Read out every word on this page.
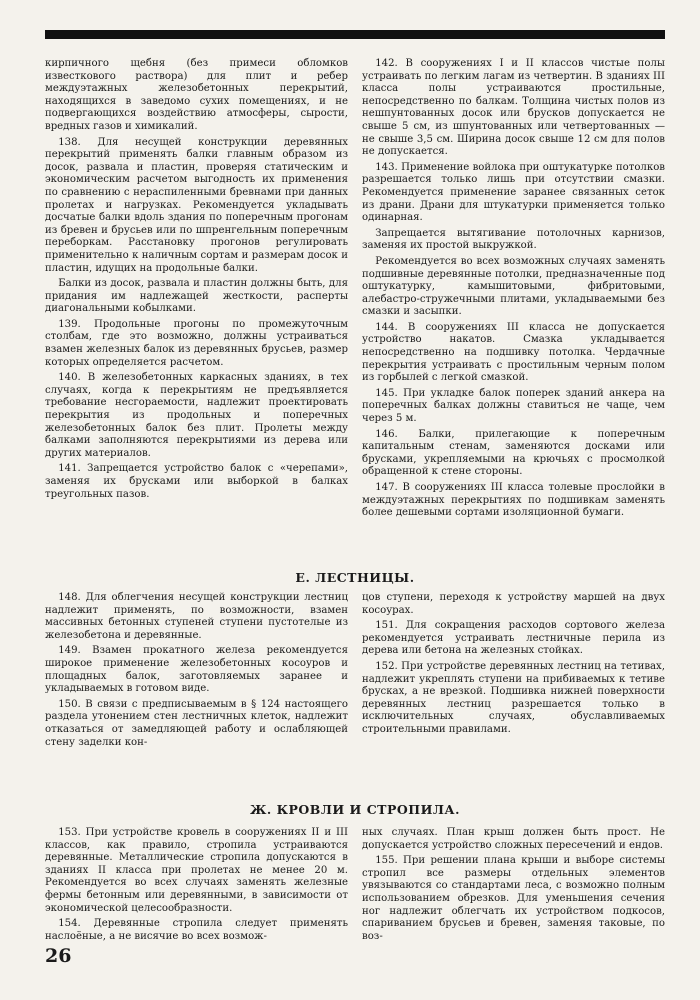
кирпичного щебня (без примеси обломков известкового раствора) для плит и ребер междуэтажных железобетонных перекрытий, находящихся в заведомо сухих помещениях, и не подвергающихся воздействию атмосферы, сырости, вредных газов и химикалий.

138. Для несущей конструкции деревянных перекрытий применять балки главным образом из досок, развала и пластин, проверяя статическим и экономическим расчетом выгодность их применения по сравнению с нераспиленными бревнами при данных пролетах и нагрузках. Рекомендуется укладывать досчатые балки вдоль здания по поперечным прогонам из бревен и брусьев или по шпренгельным поперечным переборкам. Расстановку прогонов регулировать применительно к наличным сортам и размерам досок и пластин, идущих на продольные балки.

Балки из досок, развала и пластин должны быть, для придания им надлежащей жесткости, расперты диагональными кобылками.

139. Продольные прогоны по промежуточным столбам, где это возможно, должны устраиваться взамен железных балок из деревянных брусьев, размер которых определяется расчетом.

140. В железобетонных каркасных зданиях, в тех случаях, когда к перекрытиям не предъявляется требование несгораемости, надлежит проектировать перекрытия из продольных и поперечных железобетонных балок без плит. Пролеты между балками заполняются перекрытиями из дерева или других материалов.

141. Запрещается устройство балок с «черепами», заменяя их брусками или выборкой в балках треугольных пазов.

142. В сооружениях I и II классов чистые полы устраивать по легким лагам из четвертин. В зданиях III класса полы устраиваются простильные, непосредственно по балкам. Толщина чистых полов из нешпунтованных досок или брусков допускается не свыше 5 см, из шпунтованных или четвертованных — не свыше 3,5 см. Ширина досок свыше 12 см для полов не допускается.

143. Применение войлока при оштукатурке потолков разрешается только лишь при отсутствии смазки. Рекомендуется применение заранее связанных сеток из драни. Драни для штукатурки применяется только одинарная.

Запрещается вытягивание потолочных карнизов, заменяя их простой выкружкой.

Рекомендуется во всех возможных случаях заменять подшивные деревянные потолки, предназначенные под оштукатурку, камышитовыми, фибритовыми, алебастро-стружечными плитами, укладываемыми без смазки и засыпки.

144. В сооружениях III класса не допускается устройство накатов. Смазка укладывается непосредственно на подшивку потолка. Чердачные перекрытия устраивать с простильным черным полом из горбылей с легкой смазкой.

145. При укладке балок поперек зданий анкера на поперечных балках должны ставиться не чаще, чем через 5 м.

146. Балки, прилегающие к поперечным капитальным стенам, заменяются досками или брусками, укрепляемыми на крючьях с просмолкой обращенной к стене стороны.

147. В сооружениях III класса толевые прослойки в междуэтажных перекрытиях по подшивкам заменять более дешевыми сортами изоляционной бумаги.

Е. ЛЕСТНИЦЫ.

148. Для облегчения несущей конструкции лестниц надлежит применять, по возможности, взамен массивных бетонных ступеней ступени пустотелые из железобетона и деревянные.

149. Взамен прокатного железа рекомендуется широкое применение железобетонных косоуров и площадных балок, заготовляемых заранее и укладываемых в готовом виде.

150. В связи с предписываемым в § 124 настоящего раздела утонением стен лестничных клеток, надлежит отказаться от замедляющей работу и ослабляющей стену заделки кон-

цов ступени, переходя к устройству маршей на двух косоурах.

151. Для сокращения расходов сортового железа рекомендуется устраивать лестничные перила из дерева или бетона на железных стойках.

152. При устройстве деревянных лестниц на тетивах, надлежит укреплять ступени на прибиваемых к тетиве брусках, а не врезкой. Подшивка нижней поверхности деревянных лестниц разрешается только в исключительных случаях, обуславливаемых строительными правилами.

Ж. КРОВЛИ И СТРОПИЛА.

153. При устройстве кровель в сооружениях II и III классов, как правило, стропила устраиваются деревянные. Металлические стропила допускаются в зданиях II класса при пролетах не менее 20 м. Рекомендуется во всех случаях заменять железные фермы бетонным или деревянными, в зависимости от экономической целесообразности.

154. Деревянные стропила следует применять наслоёные, а не висячие во всех возмож-

ных случаях. План крыш должен быть прост. Не допускается устройство сложных пересечений и ендов.

155. При решении плана крыши и выборе системы стропил все размеры отдельных элементов увязываются со стандартами леса, с возможно полным использованием обрезков. Для уменьшения сечения ног надлежит облегчать их устройством подкосов, спариванием брусьев и бревен, заменяя таковые, по воз-

26
